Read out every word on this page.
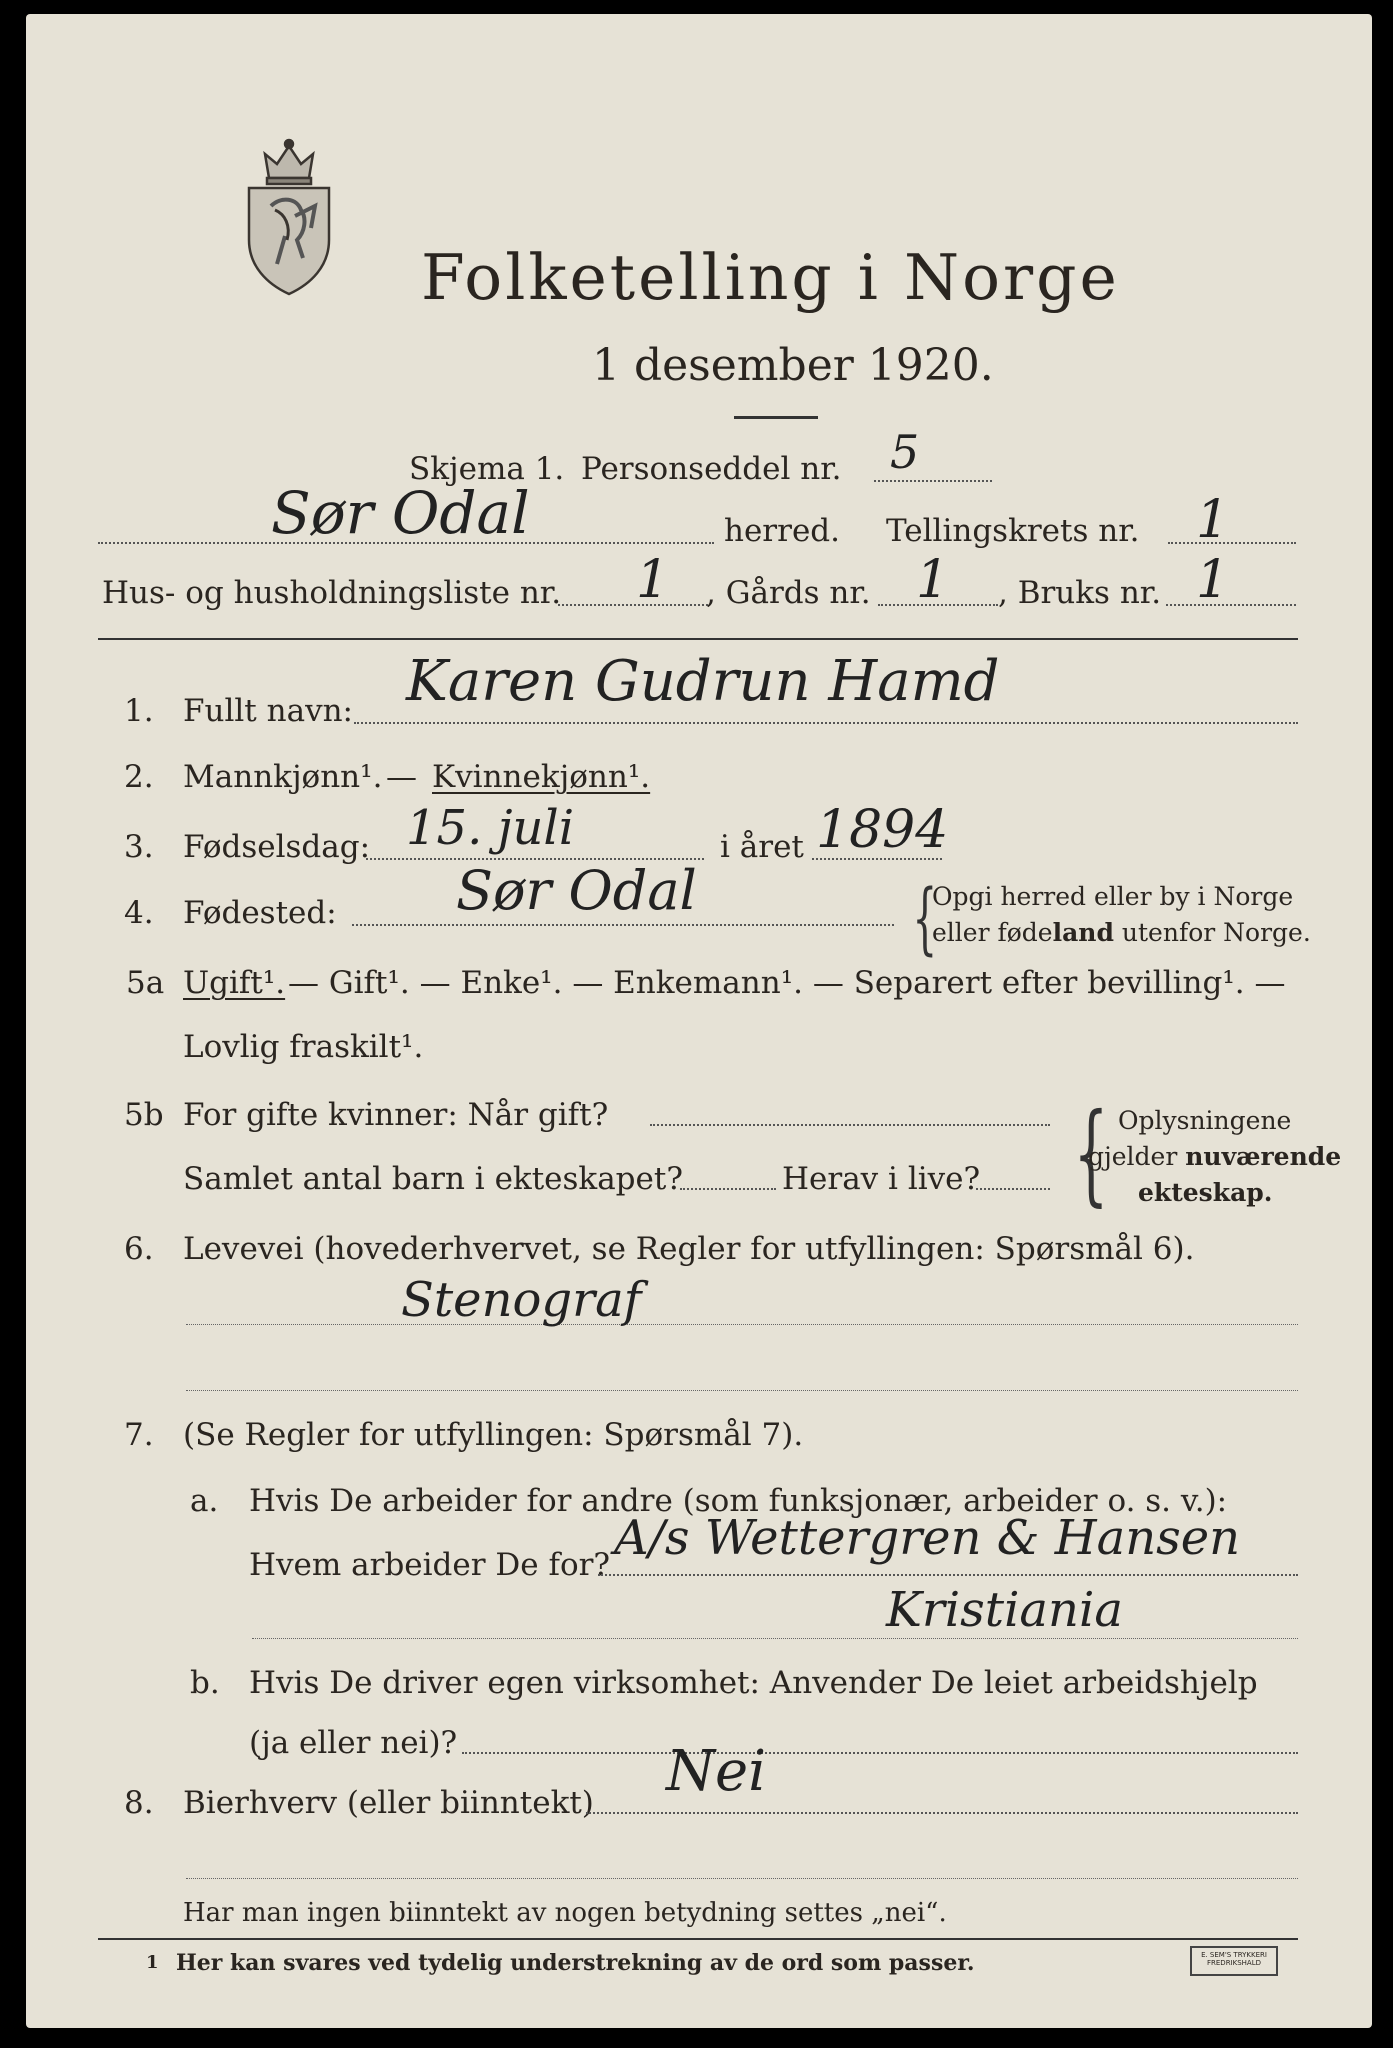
Folketelling i Norge
1 desember 1920.
Skjema 1. Personseddel nr. 5
Sør Odal	herred. Tellingskrets nr. 1
Hus- og husholdningsliste nr. 1 , Gårds nr. 1 , Bruks nr. 1
1. Fullt navn: Karen Gudrun Hamd
2. Mannkjønn¹. — Kvinnekjønn¹.
3. Fødselsdag: 15. juli	i året 1894
4. Fødested: Sør Odal	{
Opgi herred eller by i Norge
eller fødeland utenfor Norge.
5a Ugift¹. — Gift¹. — Enke¹. — Enkemann¹. — Separert efter bevilling¹. —
Lovlig fraskilt¹.
5b For gifte kvinner: Når gift?
Samlet antal barn i ekteskapet?	Herav i live? { Oplysningene
gjelder nuværende
ekteskap.
6. Levevei (hovederhvervet, se Regler for utfyllingen: Spørsmål 6).
Stenograf
7. (Se Regler for utfyllingen: Spørsmål 7).
a. Hvis De arbeider for andre (som funksjonær, arbeider o. s. v.):
Hvem arbeider De for? A/s Wettergren & Hansen
Kristiania
b. Hvis De driver egen virksomhet: Anvender De leiet arbeidshjelp
(ja eller nei)?
8. Bierhverv (eller biinntekt) Nei
Har man ingen biinntekt av nogen betydning settes „nei“.
1 Her kan svares ved tydelig understrekning av de ord som passer.	E. SEM'S TRYKKERI
FREDRIKSHALD
